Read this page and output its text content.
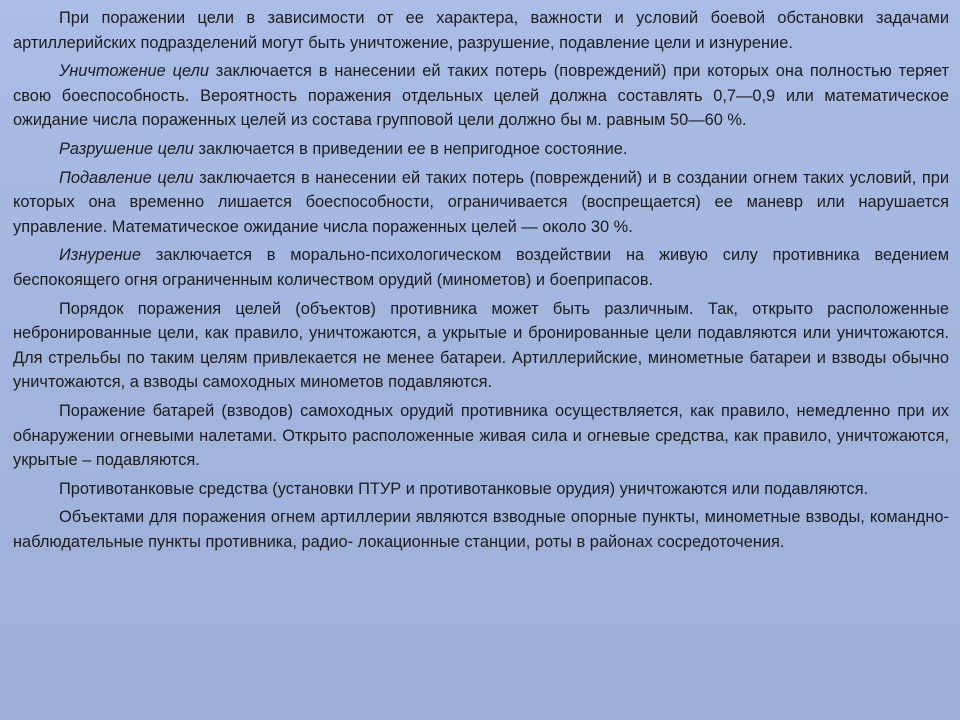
При поражении цели в зависимости от ее характера, важности и условий боевой обстановки задачами артиллерийских подразделений могут быть уничтожение, разрушение, подавление цели и изнурение.

Уничтожение цели заключается в нанесении ей таких потерь (повреждений) при которых она полностью теряет свою боеспособность. Вероятность поражения отдельных целей должна составлять 0,7—0,9 или математическое ожидание числа пораженных целей из состава групповой цели должно бы м. равным 50—60 %.

Разрушение цели заключается в приведении ее в непригодное состояние.

Подавление цели заключается в нанесении ей таких потерь (повреждений) и в создании огнем таких условий, при которых она временно лишается боеспособности, ограничивается (воспрещается) ее маневр или нарушается управление. Математическое ожидание числа пораженных целей — около 30 %.

Изнурение заключается в морально-психологическом воздействии на живую силу противника ведением беспокоящего огня ограниченным количеством орудий (минометов) и боеприпасов.

Порядок поражения целей (объектов) противника может быть различным. Так, открыто расположенные небронированные цели, как правило, уничтожаются, а укрытые и бронированные цели подавляются или уничтожаются. Для стрельбы по таким целям привлекается не менее батареи. Артиллерийские, минометные батареи и взводы обычно уничтожаются, а взводы самоходных минометов подавляются.

Поражение батарей (взводов) самоходных орудий противника осуществляется, как правило, немедленно при их обнаружении огневыми налетами. Открыто расположенные живая сила и огневые средства, как правило, уничтожаются, укрытые – подавляются.

Противотанковые средства (установки ПТУР и противотанковые орудия) уничтожаются или подавляются.

Объектами для поражения огнем артиллерии являются взводные опорные пункты, минометные взводы, командно-наблюдательные пункты противника, радио- локационные станции, роты в районах сосредоточения.
